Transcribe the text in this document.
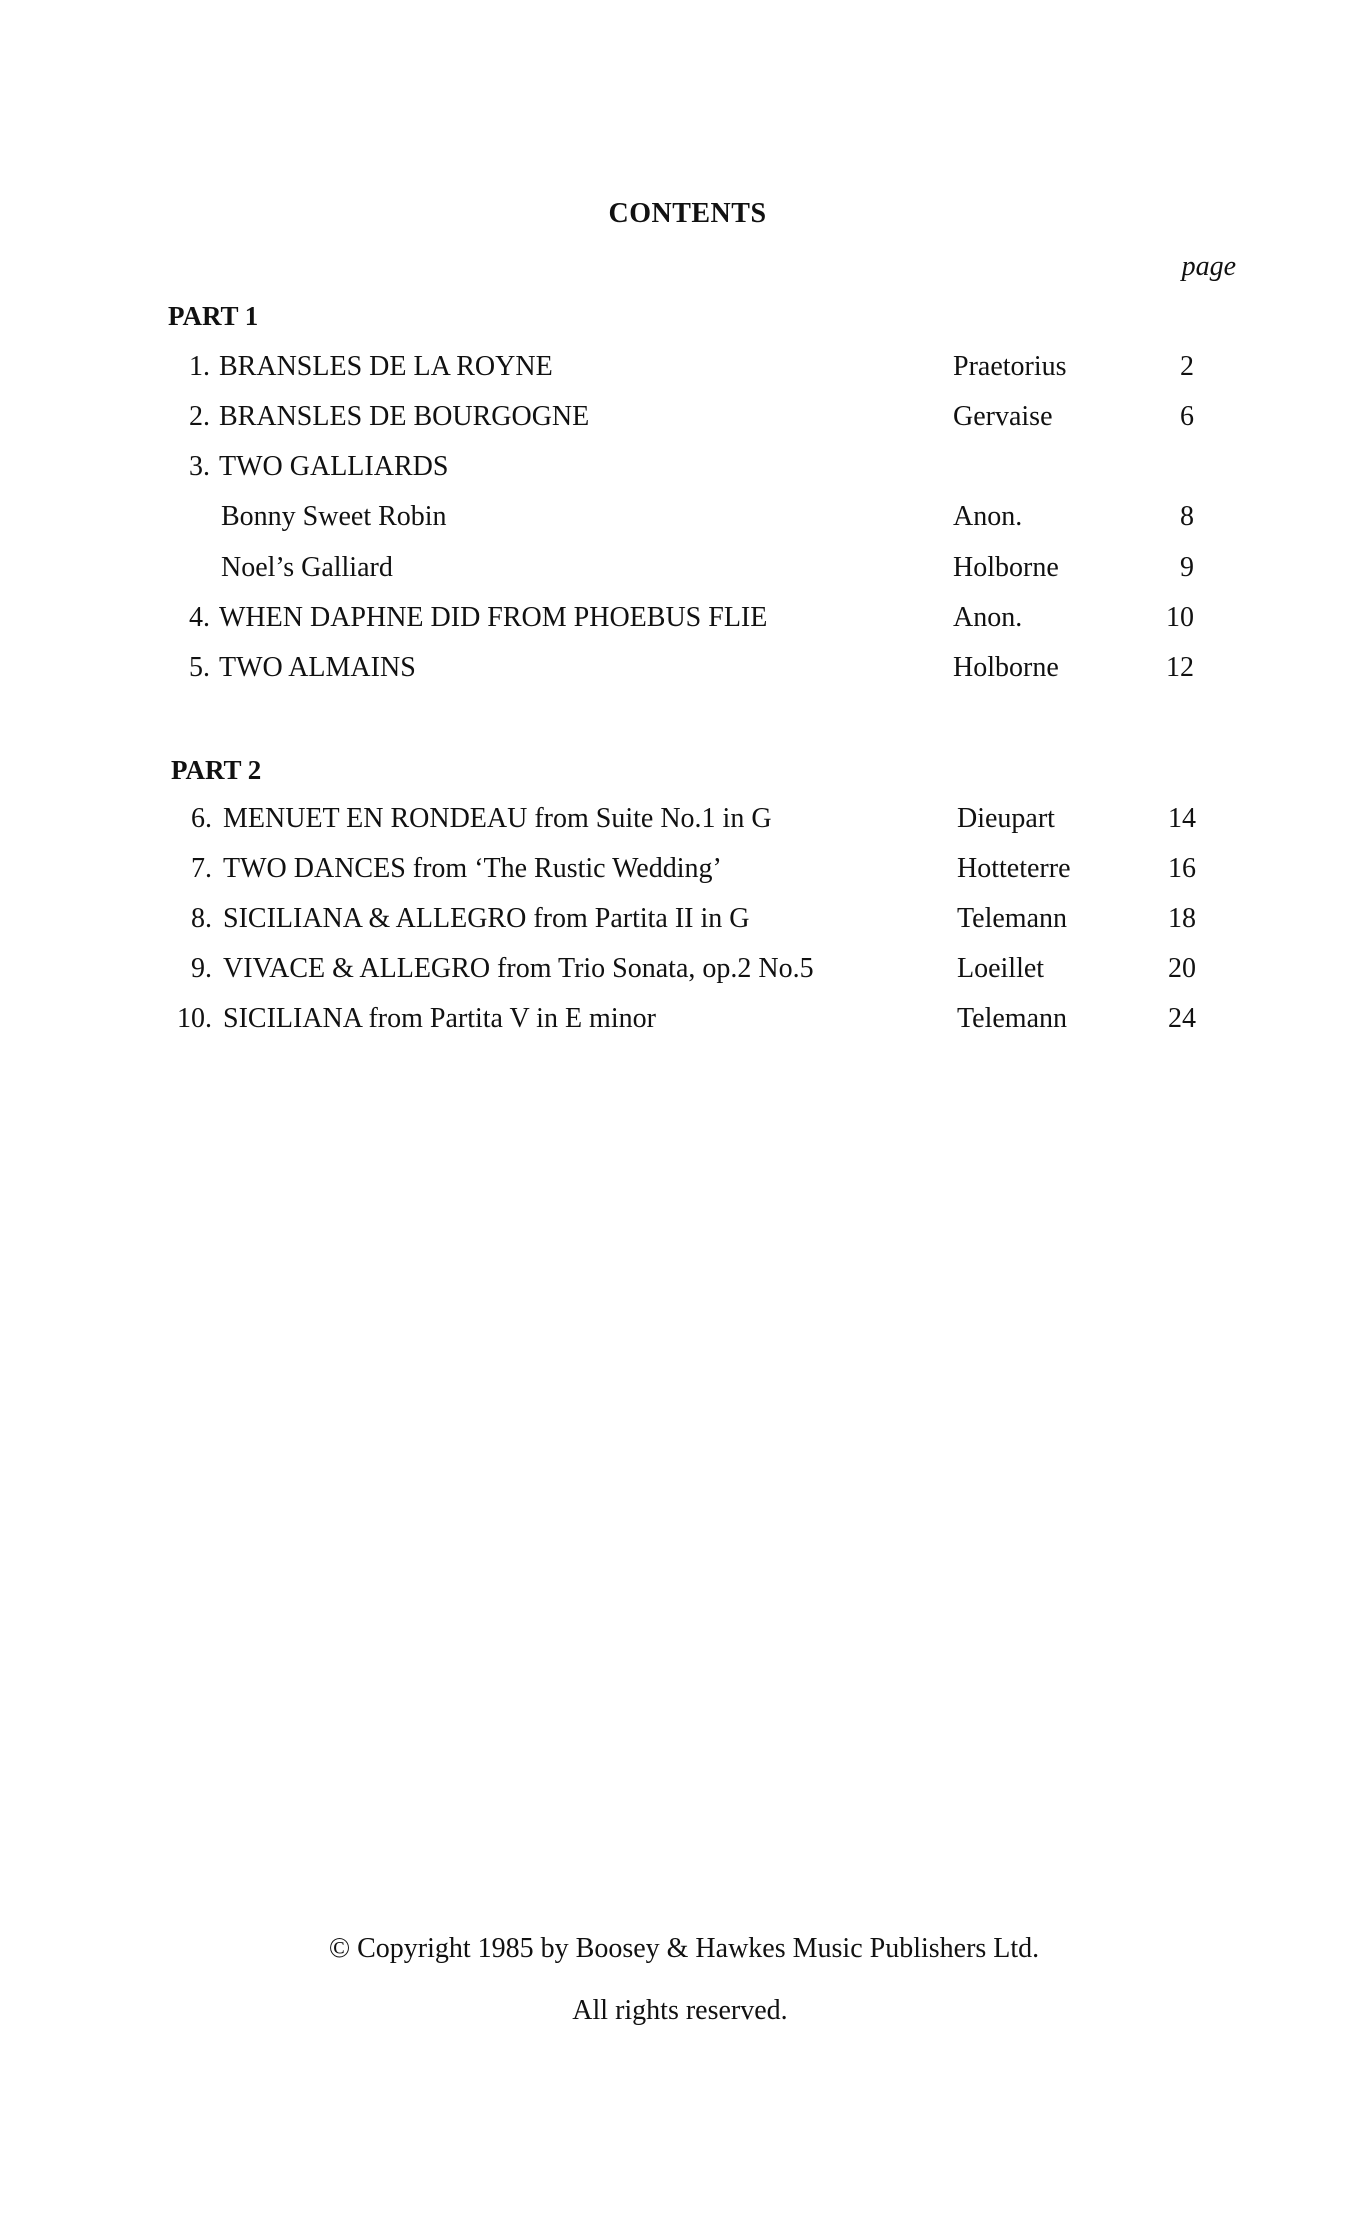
CONTENTS
page
PART 1
1. BRANSLES DE LA ROYNE	Praetorius	2
2. BRANSLES DE BOURGOGNE	Gervaise	6
3. TWO GALLIARDS
Bonny Sweet Robin	Anon.	8
Noel’s Galliard	Holborne	9
4. WHEN DAPHNE DID FROM PHOEBUS FLIE	Anon.	10
5. TWO ALMAINS	Holborne	12
PART 2
6. MENUET EN RONDEAU from Suite No.1 in G	Dieupart	14
7. TWO DANCES from ‘The Rustic Wedding’	Hotteterre	16
8. SICILIANA & ALLEGRO from Partita II in G	Telemann	18
9. VIVACE & ALLEGRO from Trio Sonata, op.2 No.5	Loeillet	20
10. SICILIANA from Partita V in E minor	Telemann	24
© Copyright 1985 by Boosey & Hawkes Music Publishers Ltd.
All rights reserved.
